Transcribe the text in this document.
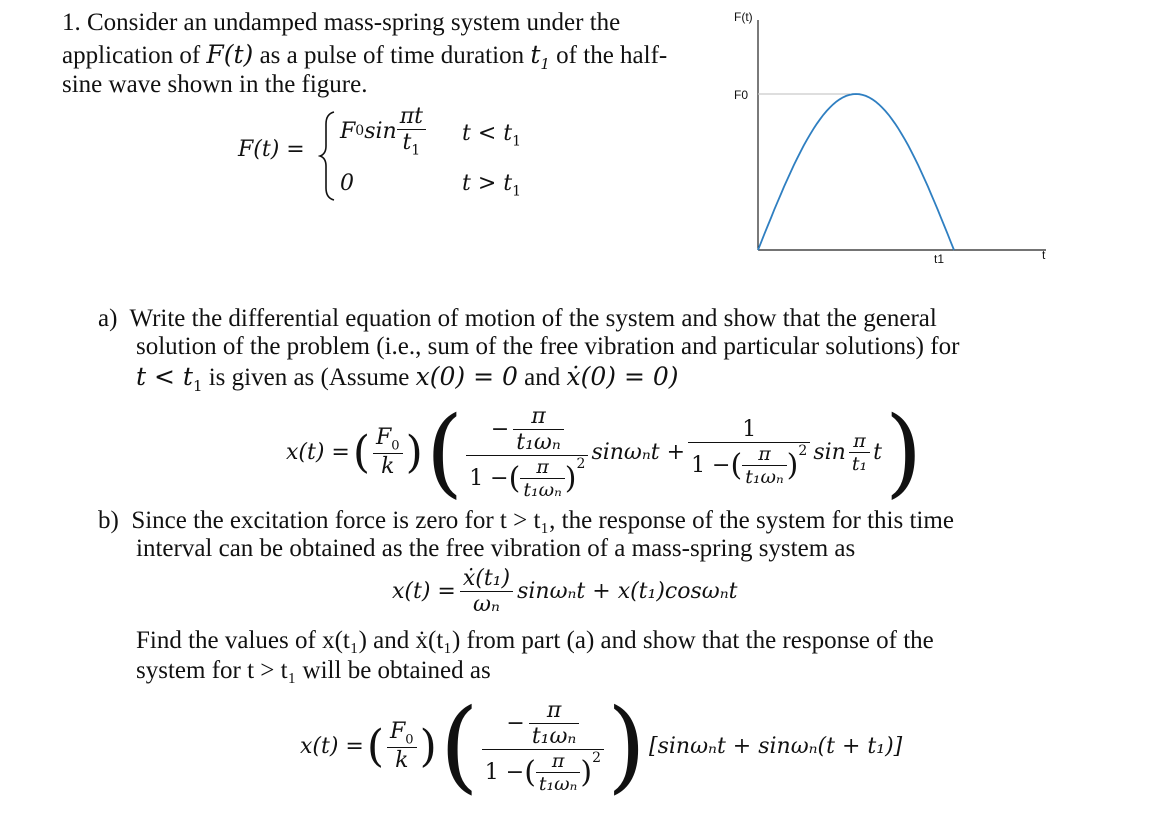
1. Consider an undamped mass-spring system under the
application of F(t) as a pulse of time duration $t_1$ of the half-
sine wave shown in the figure.
F(t) =
F 0 $\sin \frac{\pi t}{t_1}$ $t < t_1$
0	$t > t_1$
F(t)
F0
t1	t
a) Write the differential equation of motion of the system and show that the general
solution of the problem (i.e., sum of the free vibration and particular solutions) for
$t < t_1$ is given as (Assume x(0) = 0 and ẋ(0) = 0)
x(t) = ( $\frac{F_0}{k}$ ) ( − $\frac{\pi}{\text{t₁ωₙ}}$
1 − ( $\frac{\pi}{\text{t₁ωₙ}} )^2$ sinωₙt +
1
1 − ( $\frac{\pi}{\text{t₁ωₙ}} )^2$ $\sin \frac{\pi}{\text{t₁}}$ t )
b) Since the excitation force is zero for t > t₁, the response of the system for this time
interval can be obtained as the free vibration of a mass-spring system as
$x(t) = \frac{\text{ẋ(t₁)}}{\text{ωₙ}}$ sinωₙt + x(t₁)cosωₙt
Find the values of x(t₁) and ẋ(t₁) from part (a) and show that the response of the
system for t > t₁ will be obtained as
x(t) = ( $\frac{F_0}{k}$ ) ( − $\frac{\pi}{\text{t₁ωₙ}}$
1 − ( $\frac{\pi}{\text{t₁ωₙ}} )^2$ ) [sinωₙt + sinωₙ(t + t₁)]
